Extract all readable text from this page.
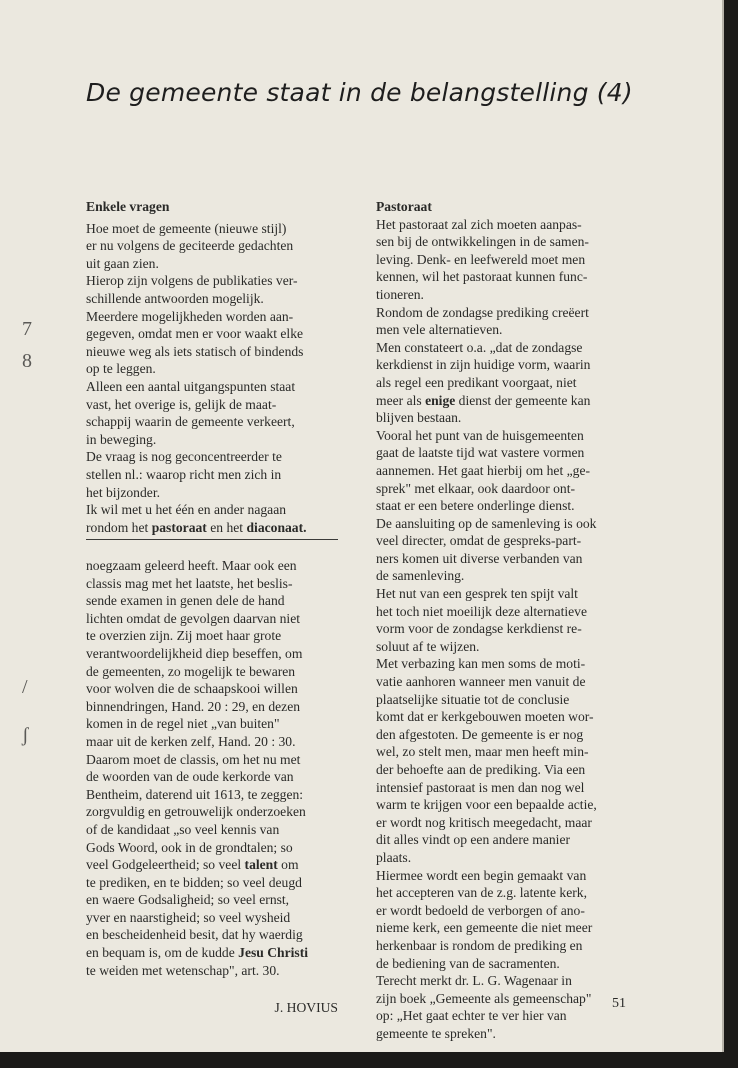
De gemeente staat in de belangstelling (4)

Enkele vragen

Hoe moet de gemeente (nieuwe stijl)

er nu volgens de geciteerde gedachten

uit gaan zien.

Hierop zijn volgens de publikaties ver-

schillende antwoorden mogelijk.

Meerdere mogelijkheden worden aan-

gegeven, omdat men er voor waakt elke

nieuwe weg als iets statisch of bindends

op te leggen.

Alleen een aantal uitgangspunten staat

vast, het overige is, gelijk de maat-

schappij waarin de gemeente verkeert,

in beweging.

De vraag is nog geconcentreerder te

stellen nl.: waarop richt men zich in

het bijzonder.

Ik wil met u het één en ander nagaan

rondom het pastoraat en het diaconaat.

noegzaam geleerd heeft. Maar ook een

classis mag met het laatste, het beslis-

sende examen in genen dele de hand

lichten omdat de gevolgen daarvan niet

te overzien zijn. Zij moet haar grote

verantwoordelijkheid diep beseffen, om

de gemeenten, zo mogelijk te bewaren

voor wolven die de schaapskooi willen

binnendringen, Hand. 20 : 29, en dezen

komen in de regel niet „van buiten"

maar uit de kerken zelf, Hand. 20 : 30.

Daarom moet de classis, om het nu met

de woorden van de oude kerkorde van

Bentheim, daterend uit 1613, te zeggen:

zorgvuldig en getrouwelijk onderzoeken

of de kandidaat „so veel kennis van

Gods Woord, ook in de grondtalen; so

veel Godgeleertheid; so veel talent om

te prediken, en te bidden; so veel deugd

en waere Godsaligheid; so veel ernst,

yver en naarstigheid; so veel wysheid

en bescheidenheid besit, dat hy waerdig

en bequam is, om de kudde Jesu Christi

te weiden met wetenschap", art. 30.

J. HOVIUS

Pastoraat

Het pastoraat zal zich moeten aanpas-

sen bij de ontwikkelingen in de samen-

leving. Denk- en leefwereld moet men

kennen, wil het pastoraat kunnen func-

tioneren.

Rondom de zondagse prediking creëert

men vele alternatieven.

Men constateert o.a. „dat de zondagse

kerkdienst in zijn huidige vorm, waarin

als regel een predikant voorgaat, niet

meer als enige dienst der gemeente kan

blijven bestaan.

Vooral het punt van de huisgemeenten

gaat de laatste tijd wat vastere vormen

aannemen. Het gaat hierbij om het „ge-

sprek" met elkaar, ook daardoor ont-

staat er een betere onderlinge dienst.

De aansluiting op de samenleving is ook

veel directer, omdat de gespreks-part-

ners komen uit diverse verbanden van

de samenleving.

Het nut van een gesprek ten spijt valt

het toch niet moeilijk deze alternatieve

vorm voor de zondagse kerkdienst re-

soluut af te wijzen.

Met verbazing kan men soms de moti-

vatie aanhoren wanneer men vanuit de

plaatselijke situatie tot de conclusie

komt dat er kerkgebouwen moeten wor-

den afgestoten. De gemeente is er nog

wel, zo stelt men, maar men heeft min-

der behoefte aan de prediking. Via een

intensief pastoraat is men dan nog wel

warm te krijgen voor een bepaalde actie,

er wordt nog kritisch meegedacht, maar

dit alles vindt op een andere manier

plaats.

Hiermee wordt een begin gemaakt van

het accepteren van de z.g. latente kerk,

er wordt bedoeld de verborgen of ano-

nieme kerk, een gemeente die niet meer

herkenbaar is rondom de prediking en

de bediening van de sacramenten.

Terecht merkt dr. L. G. Wagenaar in

zijn boek „Gemeente als gemeenschap"

op: „Het gaat echter te ver hier van

gemeente te spreken".

51
7
8
/
ʃ
